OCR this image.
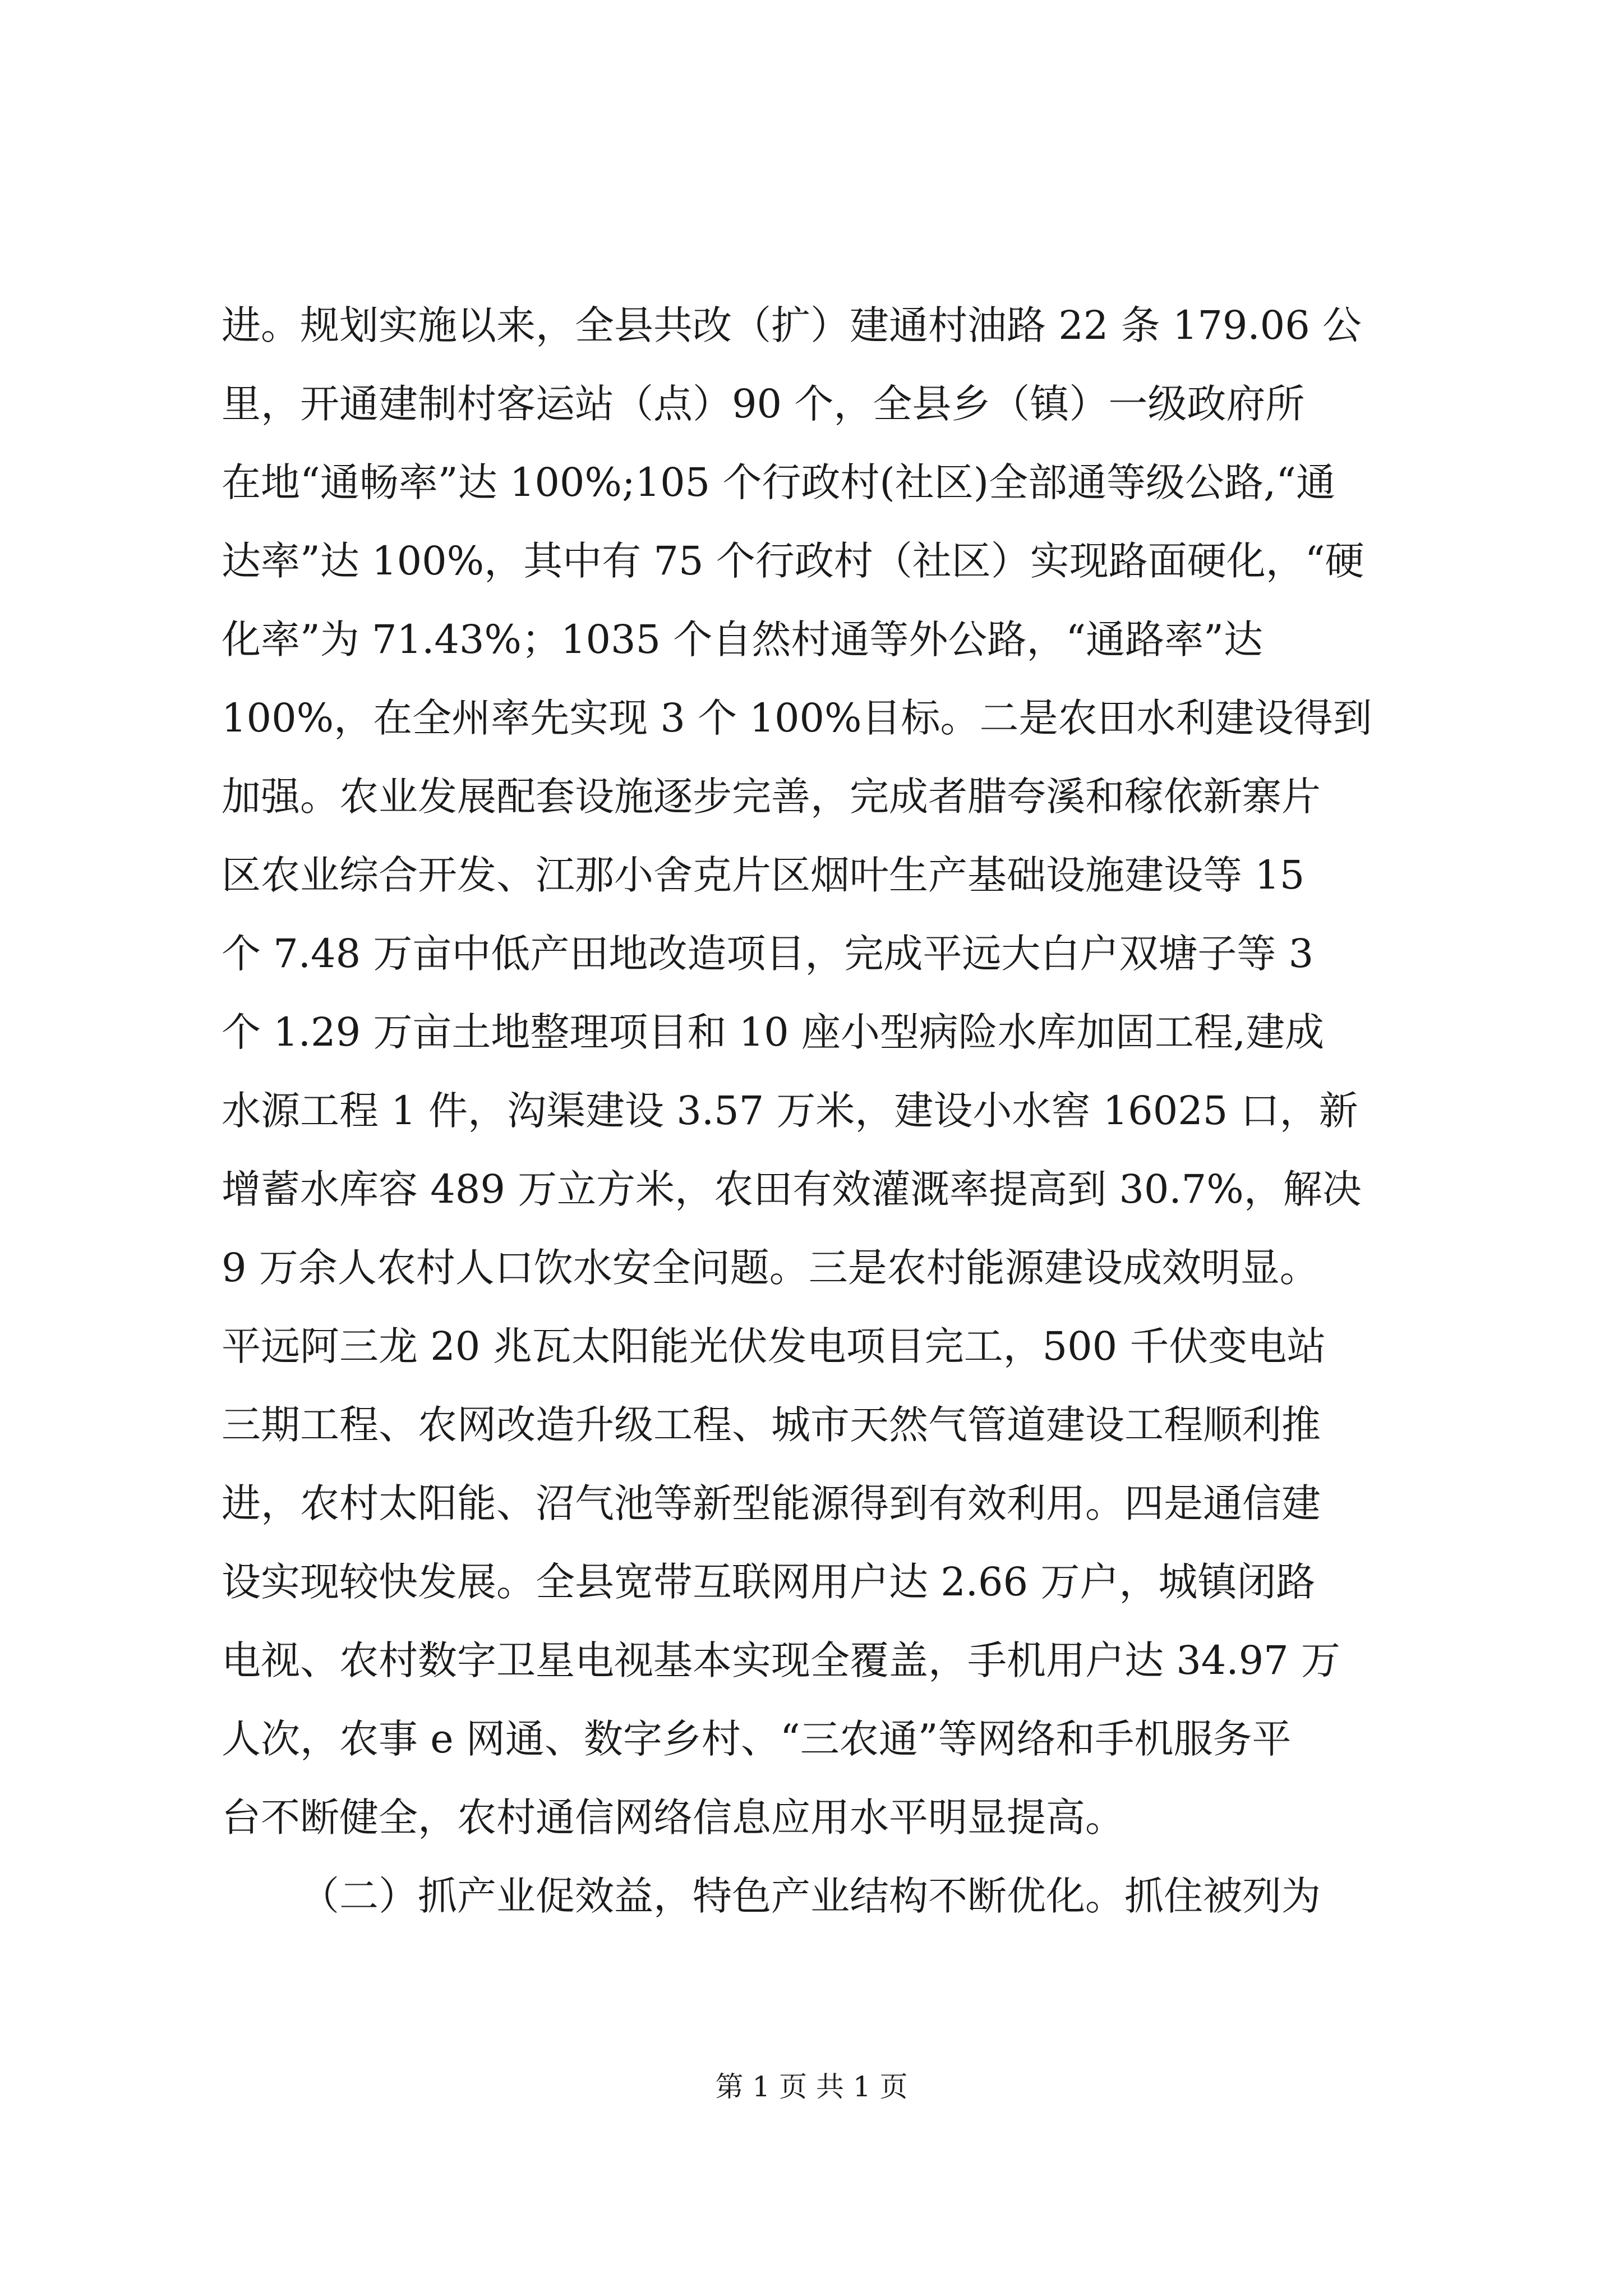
进。规划实施以来，全县共改（扩）建通村油路 22 条 179.06 公
里，开通建制村客运站（点）90 个，全县乡（镇）一级政府所
在地“通畅率”达 100%;105 个行政村(社区)全部通等级公路,“通
达率”达 100%，其中有 75 个行政村（社区）实现路面硬化，“硬
化率”为 71.43%；1035 个自然村通等外公路，“通路率”达
100%，在全州率先实现 3 个 100%目标。二是农田水利建设得到
加强。农业发展配套设施逐步完善，完成者腊夸溪和稼依新寨片
区农业综合开发、江那小舍克片区烟叶生产基础设施建设等 15
个 7.48 万亩中低产田地改造项目，完成平远大白户双塘子等 3
个 1.29 万亩土地整理项目和 10 座小型病险水库加固工程,建成
水源工程 1 件，沟渠建设 3.57 万米，建设小水窖 16025 口，新
增蓄水库容 489 万立方米，农田有效灌溉率提高到 30.7%，解决
9 万余人农村人口饮水安全问题。三是农村能源建设成效明显。
平远阿三龙 20 兆瓦太阳能光伏发电项目完工，500 千伏变电站
三期工程、农网改造升级工程、城市天然气管道建设工程顺利推
进，农村太阳能、沼气池等新型能源得到有效利用。四是通信建
设实现较快发展。全县宽带互联网用户达 2.66 万户，城镇闭路
电视、农村数字卫星电视基本实现全覆盖，手机用户达 34.97 万
人次，农事 e 网通、数字乡村、“三农通”等网络和手机服务平
台不断健全，农村通信网络信息应用水平明显提高。
（二）抓产业促效益，特色产业结构不断优化。抓住被列为
第 1 页 共 1 页
